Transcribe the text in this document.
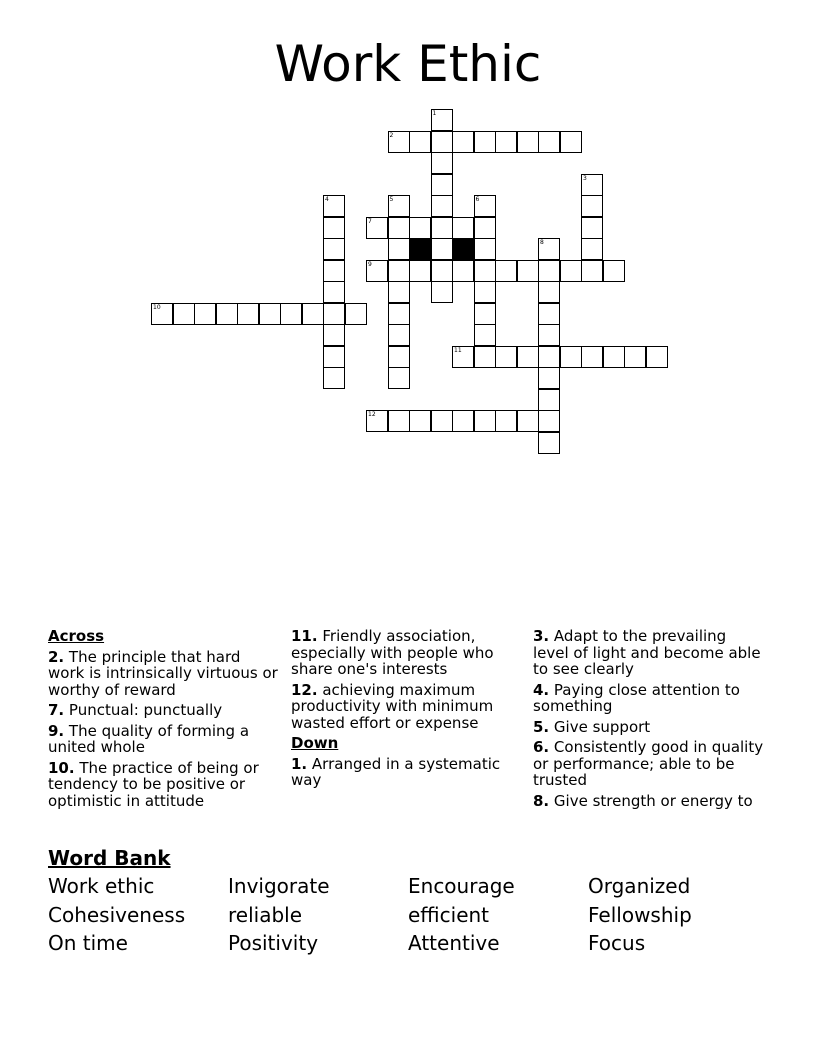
Work Ethic
1
2
3
4	5	6
7
8
9
10
11
12
Across
2. The principle that hard work is intrinsically virtuous or worthy of reward
7. Punctual: punctually
9. The quality of forming a united whole
10. The practice of being or tendency to be positive or optimistic in attitude
11. Friendly association, especially with people who share one's interests
12. achieving maximum productivity with minimum wasted effort or expense
Down
1. Arranged in a systematic way
3. Adapt to the prevailing level of light and become able to see clearly
4. Paying close attention to something
5. Give support
6. Consistently good in quality or performance; able to be trusted
8. Give strength or energy to
Word Bank
Work ethic	Invigorate	Encourage	Organized
Cohesiveness	reliable	efficient	Fellowship
On time	Positivity	Attentive	Focus
